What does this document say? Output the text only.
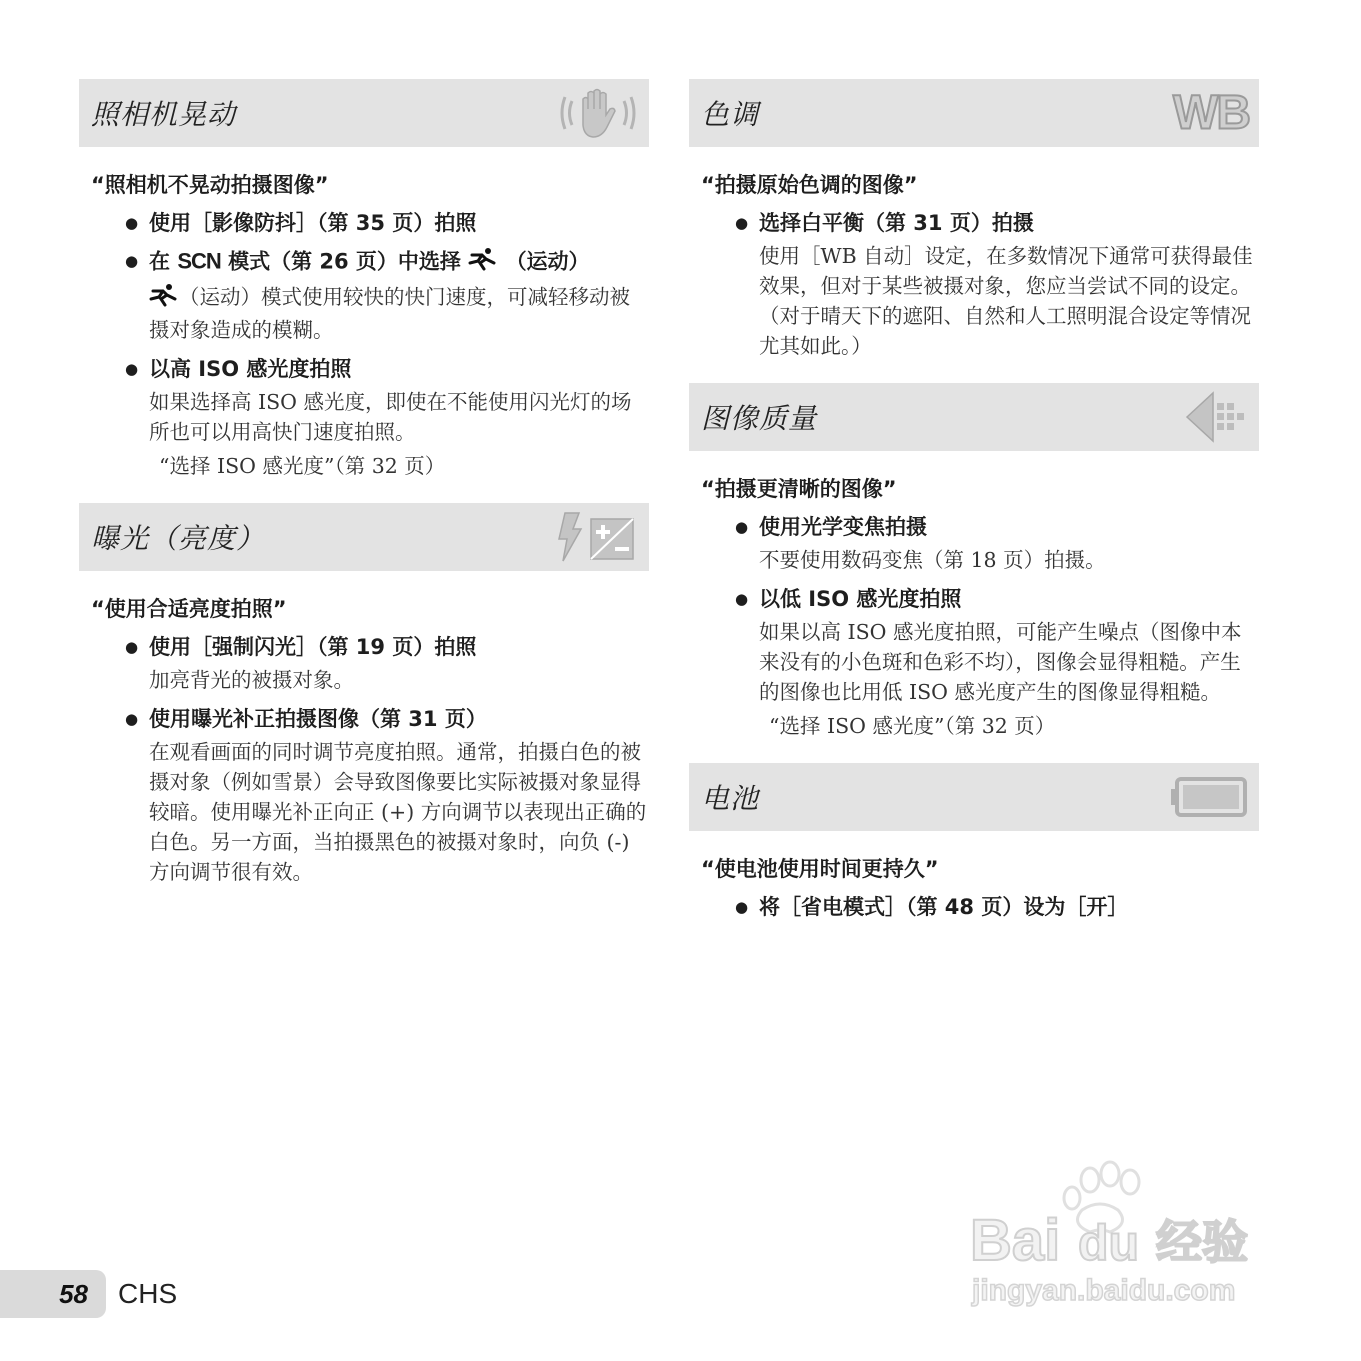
照相机晃动
“照相机不晃动拍摄图像”
● 使用［影像防抖］（第 35 页）拍照
● 在 SCN 模式（第 26 页）中选择 （运动）
（运动）模式使用较快的快门速度，可减轻移动被摄对象造成的模糊。
● 以高 ISO 感光度拍照
如果选择高 ISO 感光度，即使在不能使用闪光灯的场所也可以用高快门速度拍照。
“选择 ISO 感光度”（第 32 页）
曝光（亮度）
“使用合适亮度拍照”
● 使用［强制闪光］（第 19 页）拍照
加亮背光的被摄对象。
● 使用曝光补正拍摄图像（第 31 页）
在观看画面的同时调节亮度拍照。通常，拍摄白色的被摄对象（例如雪景）会导致图像要比实际被摄对象显得较暗。使用曝光补正向正 (+) 方向调节以表现出正确的白色。另一方面，当拍摄黑色的被摄对象时，向负 (-) 方向调节很有效。
色调	WB
“拍摄原始色调的图像”
● 选择白平衡（第 31 页）拍摄
使用［WB 自动］设定，在多数情况下通常可获得最佳效果，但对于某些被摄对象，您应当尝试不同的设定。（对于晴天下的遮阳、自然和人工照明混合设定等情况尤其如此。）
图像质量
“拍摄更清晰的图像”
● 使用光学变焦拍摄
不要使用数码变焦（第 18 页）拍摄。
● 以低 ISO 感光度拍照
如果以高 ISO 感光度拍照，可能产生噪点（图像中本来没有的小色斑和色彩不均），图像会显得粗糙。产生的图像也比用低 ISO 感光度产生的图像显得粗糙。
“选择 ISO 感光度”（第 32 页）
电池
“使电池使用时间更持久”
● 将［省电模式］（第 48 页）设为［开］
58 CHS
Bai du 经验
jingyan.baidu.com
